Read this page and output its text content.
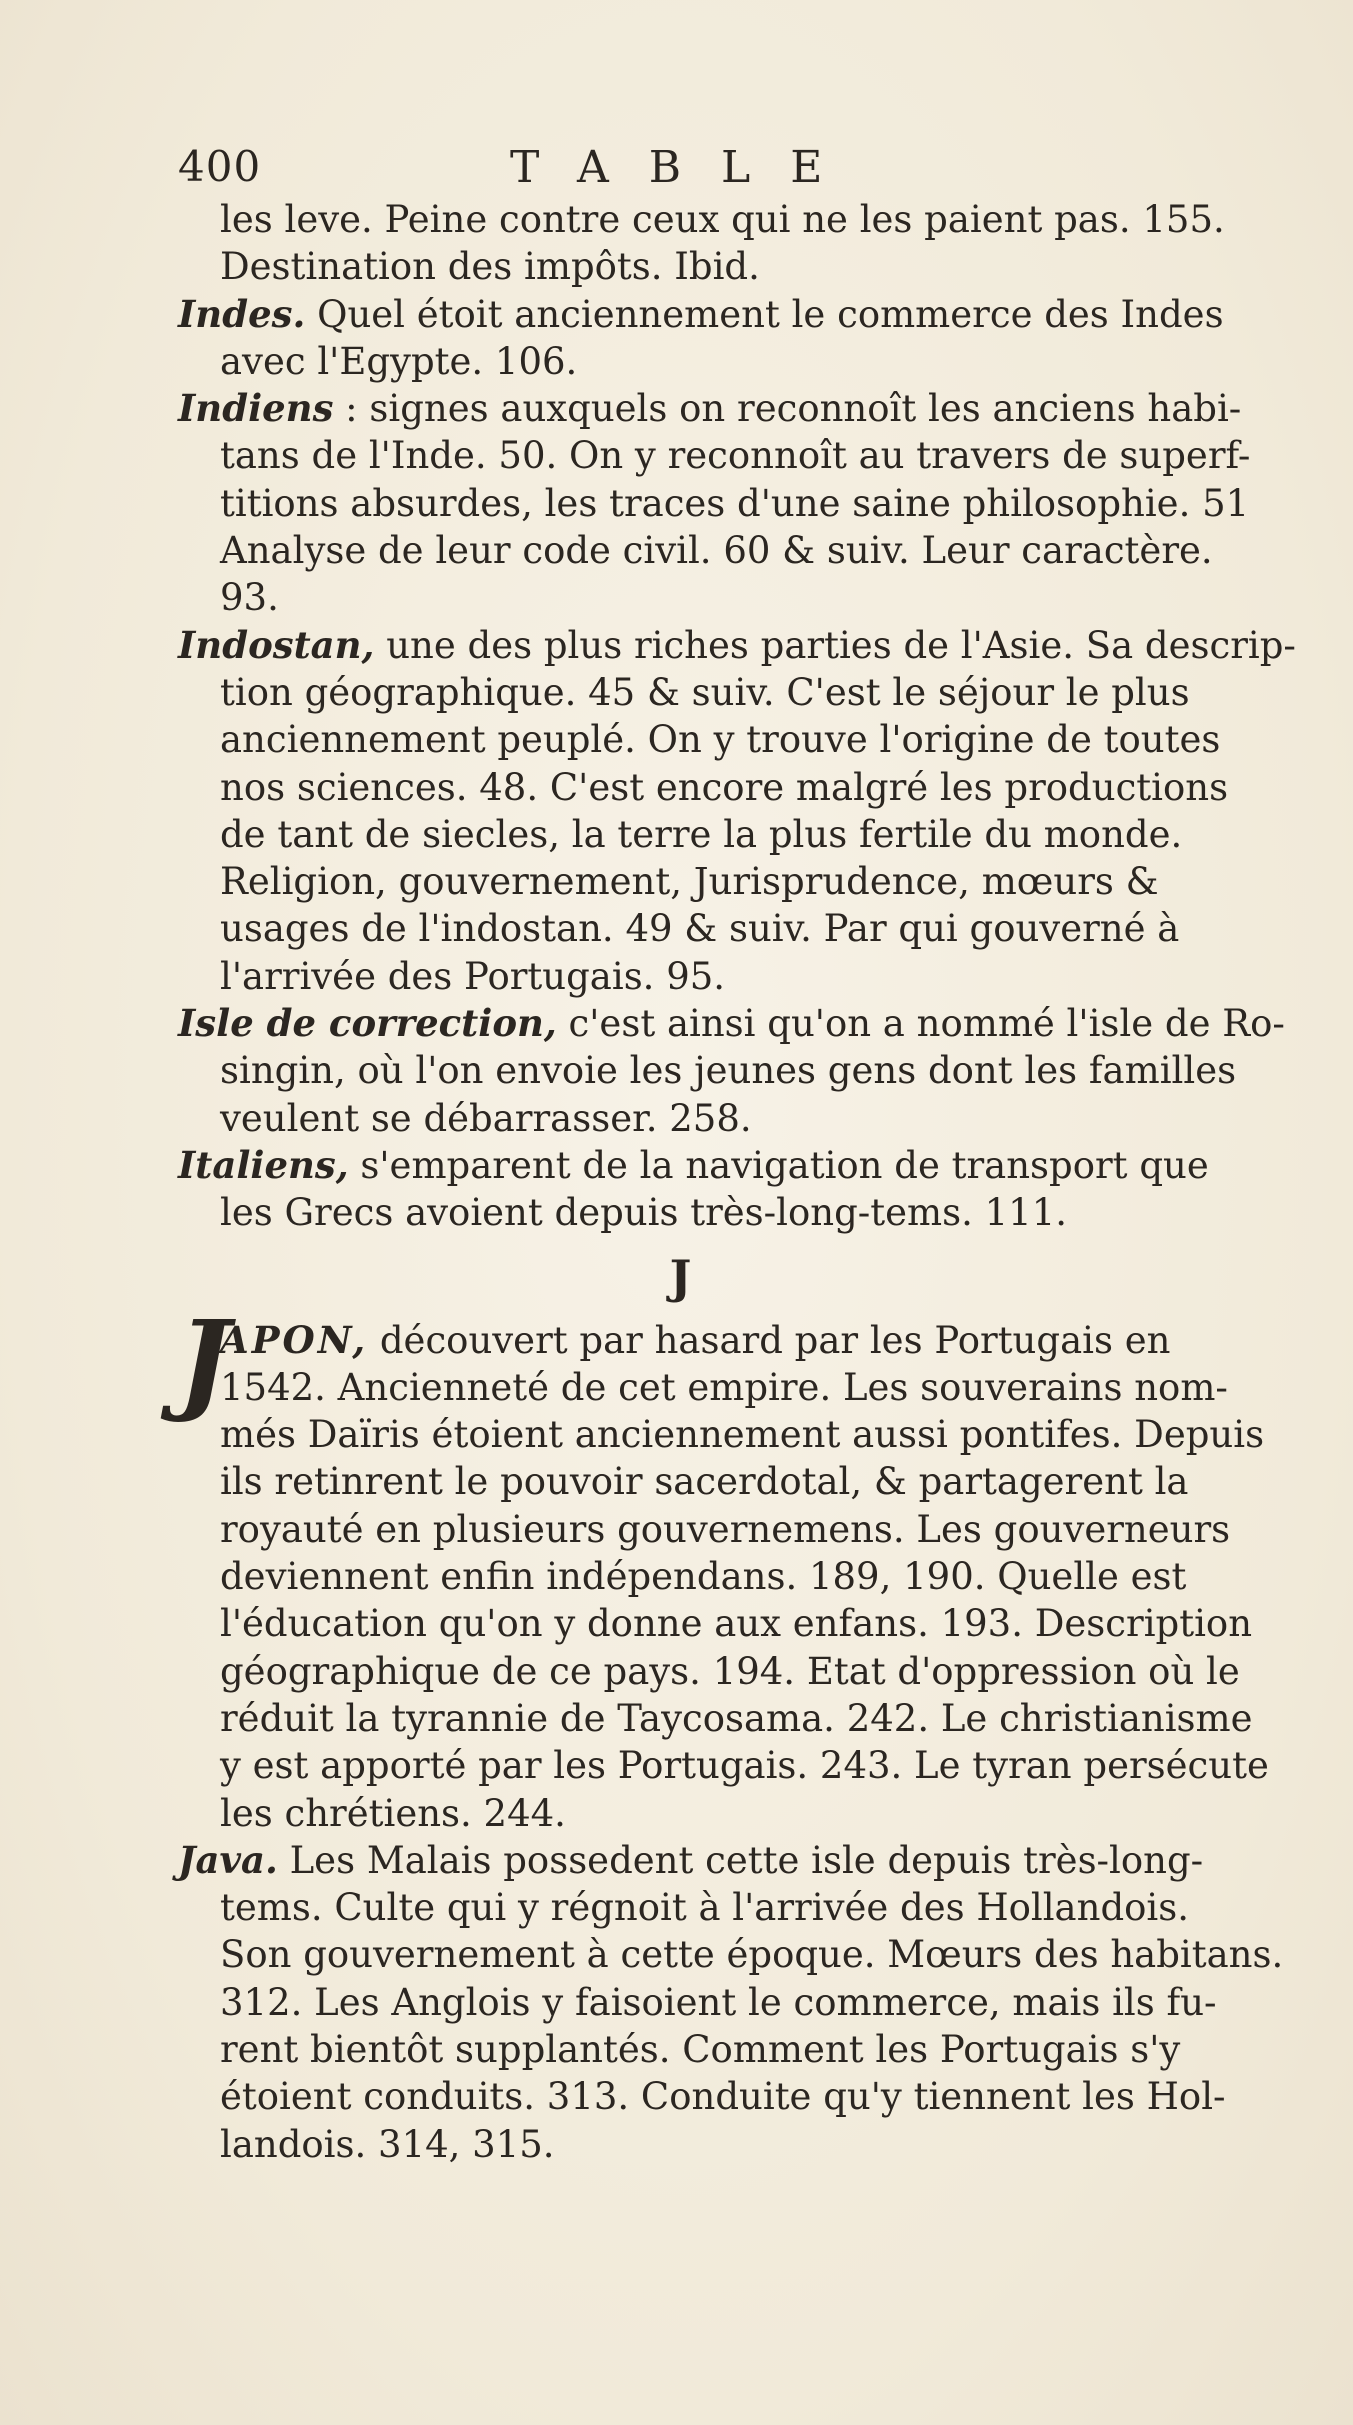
400	TABLE
les leve. Peine contre ceux qui ne les paient pas. 155.
Destination des impôts. Ibid.
Indes. Quel étoit anciennement le commerce des Indes
avec l'Egypte. 106.
Indiens : signes auxquels on reconnoît les anciens habi-
tans de l'Inde. 50. On y reconnoît au travers de superf-
titions absurdes, les traces d'une saine philosophie. 51
Analyse de leur code civil. 60 & suiv. Leur caractère.
93.
Indostan, une des plus riches parties de l'Asie. Sa descrip-
tion géographique. 45 & suiv. C'est le séjour le plus
anciennement peuplé. On y trouve l'origine de toutes
nos sciences. 48. C'est encore malgré les productions
de tant de siecles, la terre la plus fertile du monde.
Religion, gouvernement, Jurisprudence, mœurs &
usages de l'indostan. 49 & suiv. Par qui gouverné à
l'arrivée des Portugais. 95.
Isle de correction, c'est ainsi qu'on a nommé l'isle de Ro-
singin, où l'on envoie les jeunes gens dont les familles
veulent se débarrasser. 258.
Italiens, s'emparent de la navigation de transport que
les Grecs avoient depuis très-long-tems. 111.
J
J
APON, découvert par hasard par les Portugais en
1542. Ancienneté de cet empire. Les souverains nom-
més Daïris étoient anciennement aussi pontifes. Depuis
ils retinrent le pouvoir sacerdotal, & partagerent la
royauté en plusieurs gouvernemens. Les gouverneurs
deviennent enfin indépendans. 189, 190. Quelle est
l'éducation qu'on y donne aux enfans. 193. Description
géographique de ce pays. 194. Etat d'oppression où le
réduit la tyrannie de Taycosama. 242. Le christianisme
y est apporté par les Portugais. 243. Le tyran persécute
les chrétiens. 244.
Java. Les Malais possedent cette isle depuis très-long-
tems. Culte qui y régnoit à l'arrivée des Hollandois.
Son gouvernement à cette époque. Mœurs des habitans.
312. Les Anglois y faisoient le commerce, mais ils fu-
rent bientôt supplantés. Comment les Portugais s'y
étoient conduits. 313. Conduite qu'y tiennent les Hol-
landois. 314, 315.
